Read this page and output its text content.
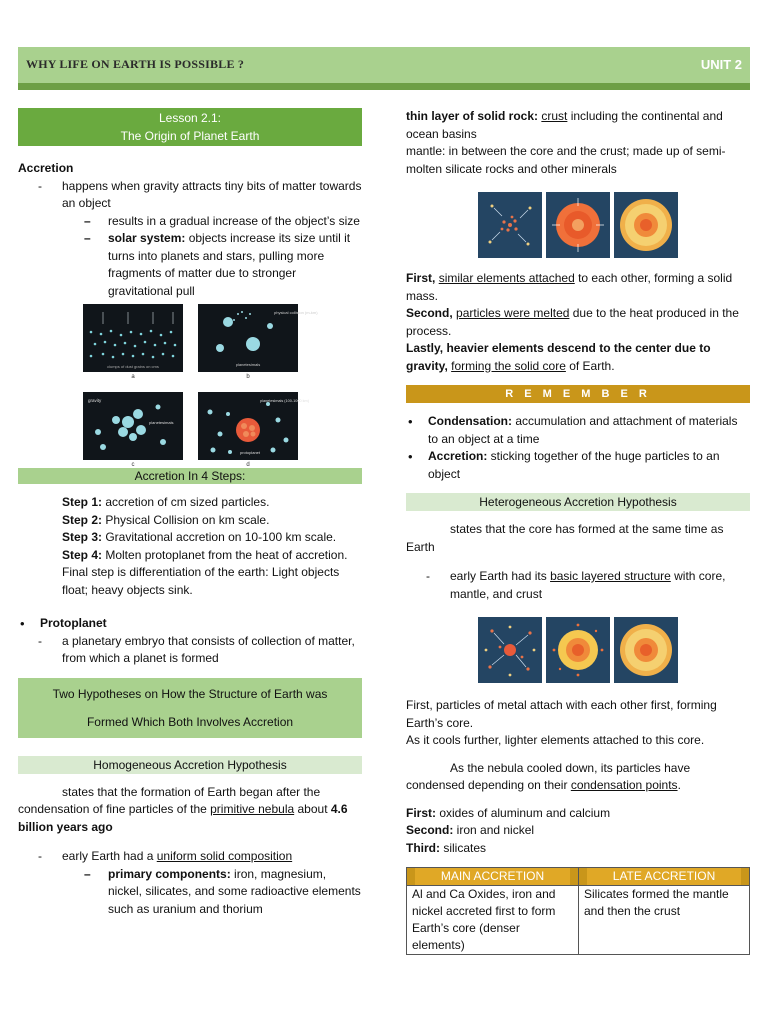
WHY LIFE ON EARTH IS POSSIBLE ?	UNIT 2
Lesson 2.1:
The Origin of Planet Earth
Accretion
- happens when gravity attracts tiny bits of matter towards an object
– results in a gradual increase of the object’s size
– solar system: objects increase its size until it turns into planets and stars, pulling more fragments of matter due to stronger gravitational pull
clumps of dust grains on cms
physical collision (m-km)
planetesimals
gravity
planetesimals
planetesimals (100-1000 km)
protoplanet
a	b
c	d
Accretion In 4 Steps:
Step 1: accretion of cm sized particles.
Step 2: Physical Collision on km scale.
Step 3: Gravitational accretion on 10-100 km scale.
Step 4: Molten protoplanet from the heat of accretion.
Final step is differentiation of the earth: Light objects float; heavy objects sink.
• Protoplanet
- a planetary embryo that consists of collection of matter, from which a planet is formed
Two Hypotheses on How the Structure of Earth was
Formed Which Both Involves Accretion
Homogeneous Accretion Hypothesis
states that the formation of Earth began after the condensation of fine particles of the primitive nebula about 4.6 billion years ago
- early Earth had a uniform solid composition
– primary components: iron, magnesium, nickel, silicates, and some radioactive elements such as uranium and thorium
thin layer of solid rock: crust including the continental and ocean basins
mantle: in between the core and the crust; made up of semi-molten silicate rocks and other minerals
First, similar elements attached to each other, forming a solid mass.
Second, particles were melted due to the heat produced in the process.
Lastly, heavier elements descend to the center due to gravity, forming the solid core of Earth.
R E M E M B E R
• Condensation: accumulation and attachment of materials to an object at a time
• Accretion: sticking together of the huge particles to an object
Heterogeneous Accretion Hypothesis
states that the core has formed at the same time as Earth
- early Earth had its basic layered structure with core, mantle, and crust
First, particles of metal attach with each other first, forming Earth’s core.
As it cools further, lighter elements attached to this core.
As the nebula cooled down, its particles have condensed depending on their condensation points.
First: oxides of aluminum and calcium
Second: iron and nickel
Third: silicates
MAIN ACCRETION	LATE ACCRETION

Al and Ca Oxides, iron and nickel accreted first to form Earth’s core (denser elements)	Silicates formed the mantle and then the crust
